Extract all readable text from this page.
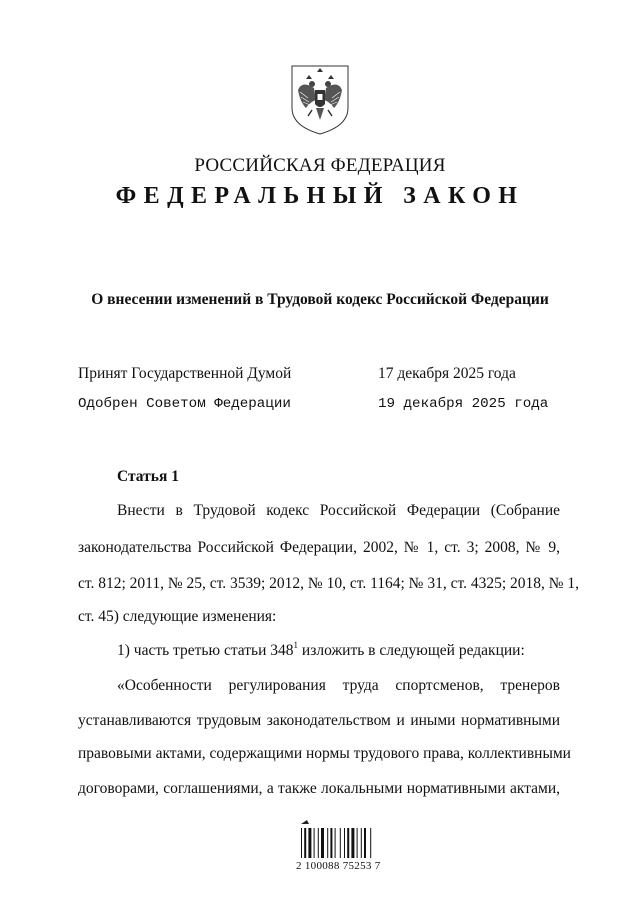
РОССИЙСКАЯ ФЕДЕРАЦИЯ
ФЕДЕРАЛЬНЫЙ ЗАКОН
О внесении изменений в Трудовой кодекс Российской Федерации
Принят Государственной Думой	17 декабря 2025 года
Одобрен Советом Федерации	19 декабря 2025 года
Статья 1
Внести в Трудовой кодекс Российской Федерации (Собрание
законодательства Российской Федерации, 2002, № 1, ст. 3; 2008, № 9,
ст. 812; 2011, № 25, ст. 3539; 2012, № 10, ст. 1164; № 31, ст. 4325; 2018, № 1,
ст. 45) следующие изменения:
1) часть третью статьи $348^1$ изложить в следующей редакции:
«Особенности регулирования труда спортсменов, тренеров
устанавливаются трудовым законодательством и иными нормативными
правовыми актами, содержащими нормы трудового права, коллективными
договорами, соглашениями, а также локальными нормативными актами,
2 100088 75253 7
